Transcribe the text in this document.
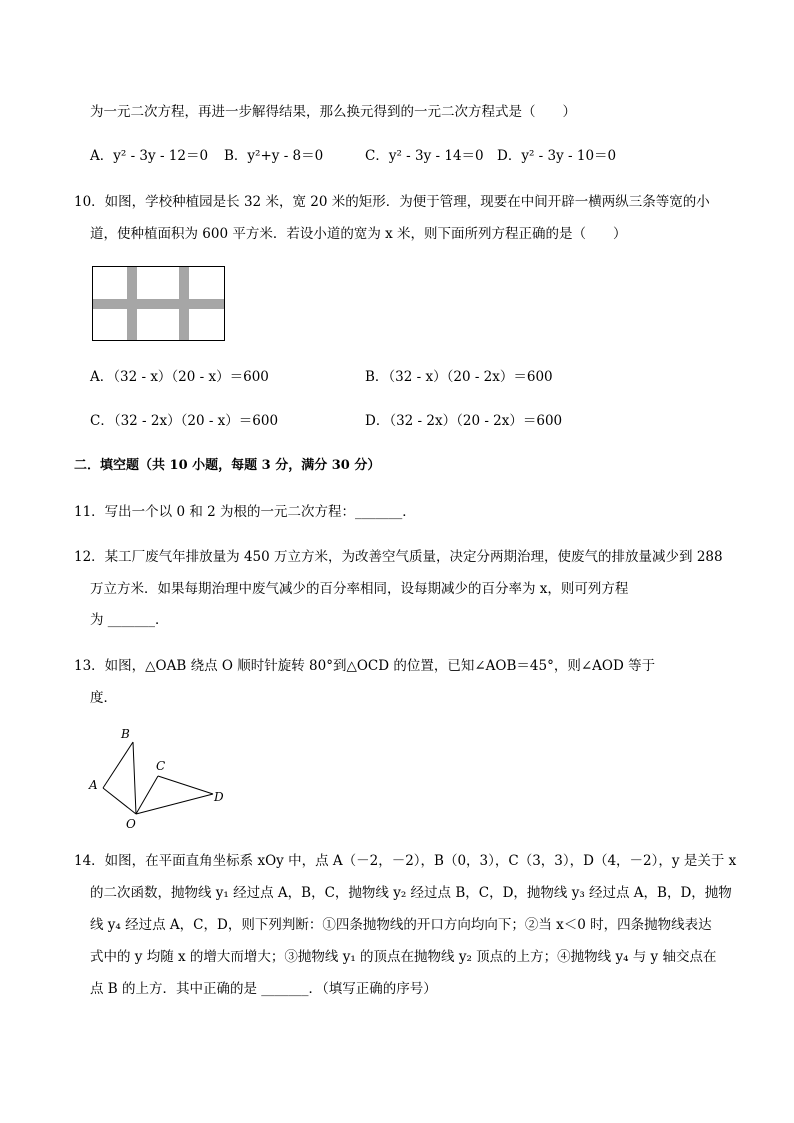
为一元二次方程，再进一步解得结果，那么换元得到的一元二次方程式是（　　）
A．y² - 3y - 12＝0 B．y²+y - 8＝0	C．y² - 3y - 14＝0 D．y² - 3y - 10＝0
10．如图，学校种植园是长 32 米，宽 20 米的矩形．为便于管理，现要在中间开辟一横两纵三条等宽的小
道，使种植面积为 600 平方米．若设小道的宽为 x 米，则下面所列方程正确的是（　　）
A．（32 - x）（20 - x）＝600	B．（32 - x）（20 - 2x）＝600
C．（32 - 2x）（20 - x）＝600	D．（32 - 2x）（20 - 2x）＝600
二．填空题（共 10 小题，每题 3 分，满分 30 分）
11．写出一个以 0 和 2 为根的一元二次方程：_______．
12．某工厂废气年排放量为 450 万立方米，为改善空气质量，决定分两期治理，使废气的排放量减少到 288
万立方米．如果每期治理中废气减少的百分率相同，设每期减少的百分率为 x，则可列方程
为 _______．
13．如图，△OAB 绕点 O 顺时针旋转 80°到△OCD 的位置，已知∠AOB＝45°，则∠AOD 等于
度．
B
A
C
D
O
14．如图，在平面直角坐标系 xOy 中，点 A（－2，－2），B（0，3），C（3，3），D（4，－2），y 是关于 x
的二次函数，抛物线 y₁ 经过点 A，B，C，抛物线 y₂ 经过点 B，C，D，抛物线 y₃ 经过点 A，B，D，抛物
线 y₄ 经过点 A，C，D，则下列判断：①四条抛物线的开口方向均向下；②当 x＜0 时，四条抛物线表达
式中的 y 均随 x 的增大而增大；③抛物线 y₁ 的顶点在抛物线 y₂ 顶点的上方；④抛物线 y₄ 与 y 轴交点在
点 B 的上方．其中正确的是 _______．（填写正确的序号）
